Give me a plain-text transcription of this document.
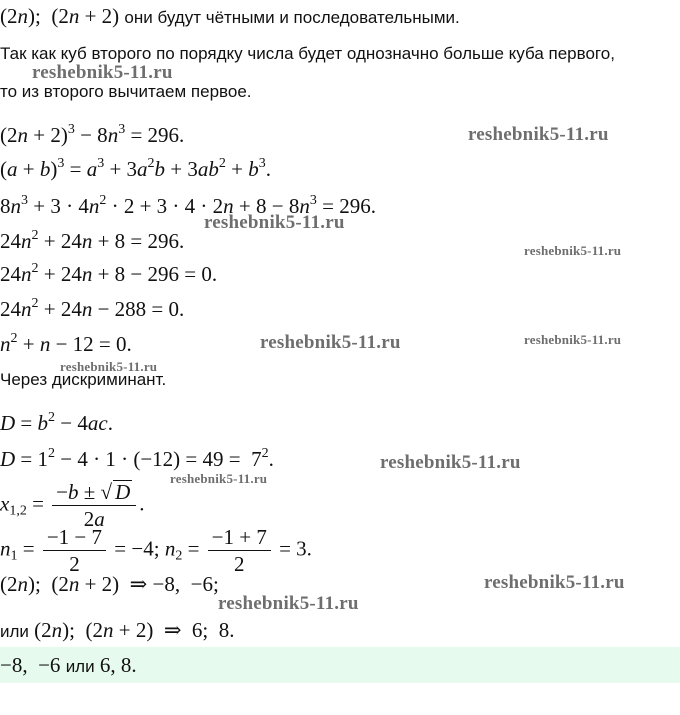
(2n);  (2n + 2) они будут чётными и последовательными.
Так как куб второго по порядку числа будет однозначно больше куба первого,
то из второго вычитаем первое.
$(2n + 2)^3 - 8n^3 = 296$.
$(a + b)^3 = a^3 + 3a^2b + 3ab^2 + b^3$.
$8n^3 + 3 \cdot 4n^2 \cdot 2 + 3 \cdot 4 \cdot 2n + 8 - 8n^3 = 296$.
$24n^2 + 24n + 8 = 296$.
$24n^2 + 24n + 8 - 296 = 0$.
$24n^2 + 24n - 288 = 0$.
$n^2 + n - 12 = 0$.
Через дискриминант.
$D = b^2 - 4ac$.
$D = 1^2 - 4 \cdot 1 \cdot (-12) = 49 = 7^2$.
$x_{1,2} = \frac{-b \pm √ D}{2a}$ .
$n_1 = \frac{-1 - 7}{2} = -4$; $n_2 = \frac{-1 + 7}{2} = 3$.
(2n);  (2n + 2)  ⇒ −8,  −6;
или (2n);  (2n + 2)  ⇒  6;  8.
−8,  −6 или 6, 8.
reshebnik5-11.ru
reshebnik5-11.ru
reshebnik5-11.ru
reshebnik5-11.ru
reshebnik5-11.ru	reshebnik5-11.ru
reshebnik5-11.ru
reshebnik5-11.ru
reshebnik5-11.ru
reshebnik5-11.ru
reshebnik5-11.ru
